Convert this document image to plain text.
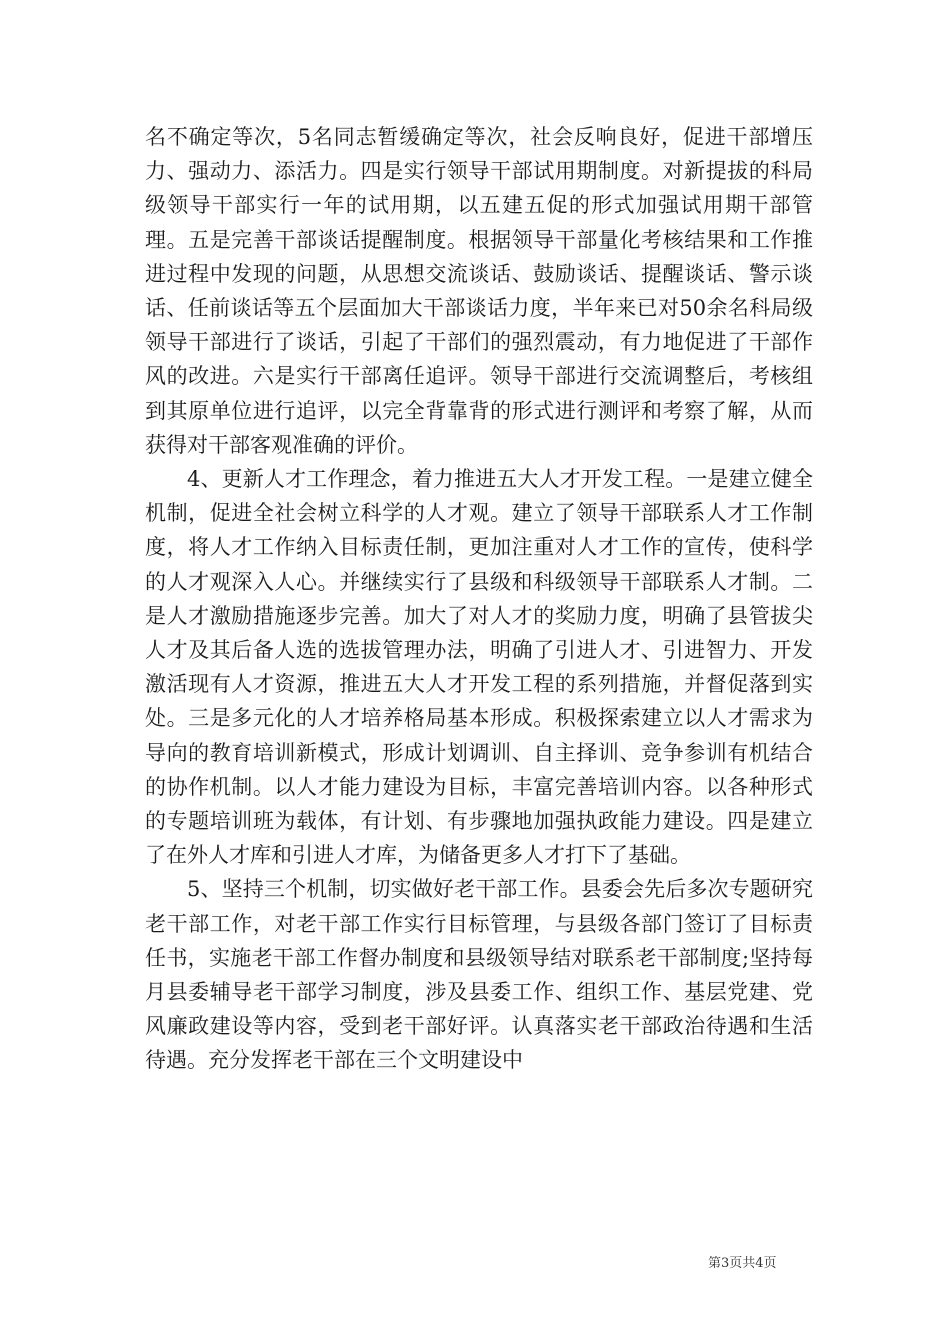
名不确定等次，5名同志暂缓确定等次，社会反响良好，促进干部增压力、强动力、添活力。四是实行领导干部试用期制度。对新提拔的科局级领导干部实行一年的试用期，以五建五促的形式加强试用期干部管理。五是完善干部谈话提醒制度。根据领导干部量化考核结果和工作推进过程中发现的问题，从思想交流谈话、鼓励谈话、提醒谈话、警示谈话、任前谈话等五个层面加大干部谈话力度，半年来已对50余名科局级领导干部进行了谈话，引起了干部们的强烈震动，有力地促进了干部作风的改进。六是实行干部离任追评。领导干部进行交流调整后，考核组到其原单位进行追评，以完全背靠背的形式进行测评和考察了解，从而获得对干部客观准确的评价。

4、更新人才工作理念，着力推进五大人才开发工程。一是建立健全机制，促进全社会树立科学的人才观。建立了领导干部联系人才工作制度，将人才工作纳入目标责任制，更加注重对人才工作的宣传，使科学的人才观深入人心。并继续实行了县级和科级领导干部联系人才制。二是人才激励措施逐步完善。加大了对人才的奖励力度，明确了县管拔尖人才及其后备人选的选拔管理办法，明确了引进人才、引进智力、开发激活现有人才资源，推进五大人才开发工程的系列措施，并督促落到实处。三是多元化的人才培养格局基本形成。积极探索建立以人才需求为导向的教育培训新模式，形成计划调训、自主择训、竞争参训有机结合的协作机制。以人才能力建设为目标，丰富完善培训内容。以各种形式的专题培训班为载体，有计划、有步骤地加强执政能力建设。四是建立了在外人才库和引进人才库，为储备更多人才打下了基础。

5、坚持三个机制，切实做好老干部工作。县委会先后多次专题研究老干部工作，对老干部工作实行目标管理，与县级各部门签订了目标责任书，实施老干部工作督办制度和县级领导结对联系老干部制度;坚持每月县委辅导老干部学习制度，涉及县委工作、组织工作、基层党建、党风廉政建设等内容，受到老干部好评。认真落实老干部政治待遇和生活待遇。充分发挥老干部在三个文明建设中

第3页共4页
